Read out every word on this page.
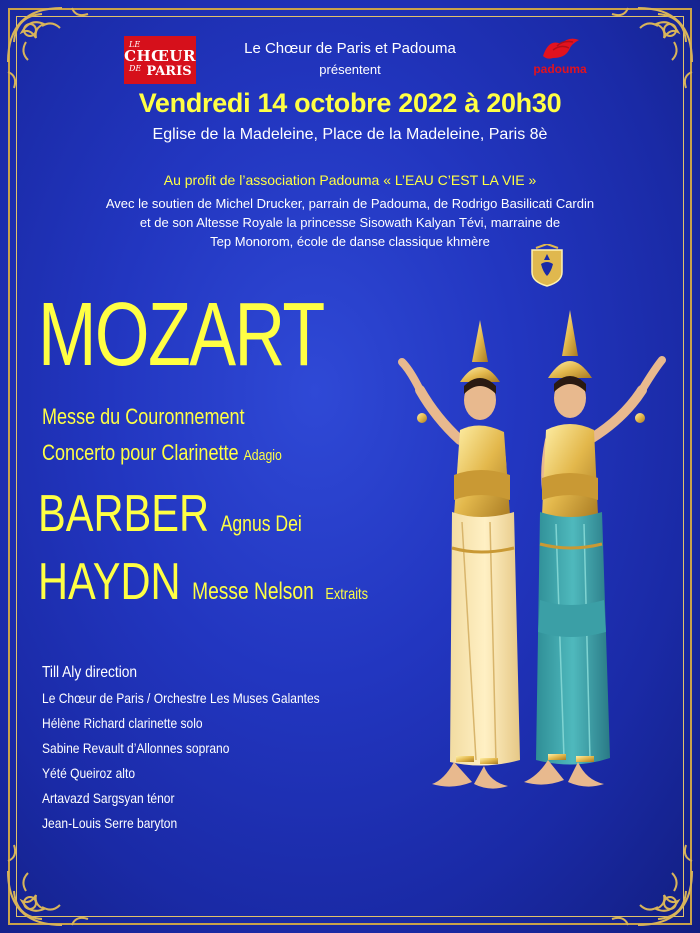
LE
CHŒUR
DE PARIS	padouma
Le Chœur de Paris et Padouma
présentent
Vendredi 14 octobre 2022 à 20h30
Eglise de la Madeleine, Place de la Madeleine, Paris 8è
Au profit de l’association Padouma « L’EAU C’EST LA VIE »
Avec le soutien de Michel Drucker, parrain de Padouma, de Rodrigo Basilicati Cardin
et de son Altesse Royale la princesse Sisowath Kalyan Tévi, marraine de
Tep Monorom, école de danse classique khmère
MOZART
Messe du Couronnement
Concerto pour Clarinette Adagio
BARBER Agnus Dei
HAYDN Messe Nelson Extraits
Till Aly direction
Le Chœur de Paris / Orchestre Les Muses Galantes
Hélène Richard clarinette solo
Sabine Revault d’Allonnes soprano
Yété Queiroz alto
Artavazd Sargsyan ténor
Jean-Louis Serre baryton
